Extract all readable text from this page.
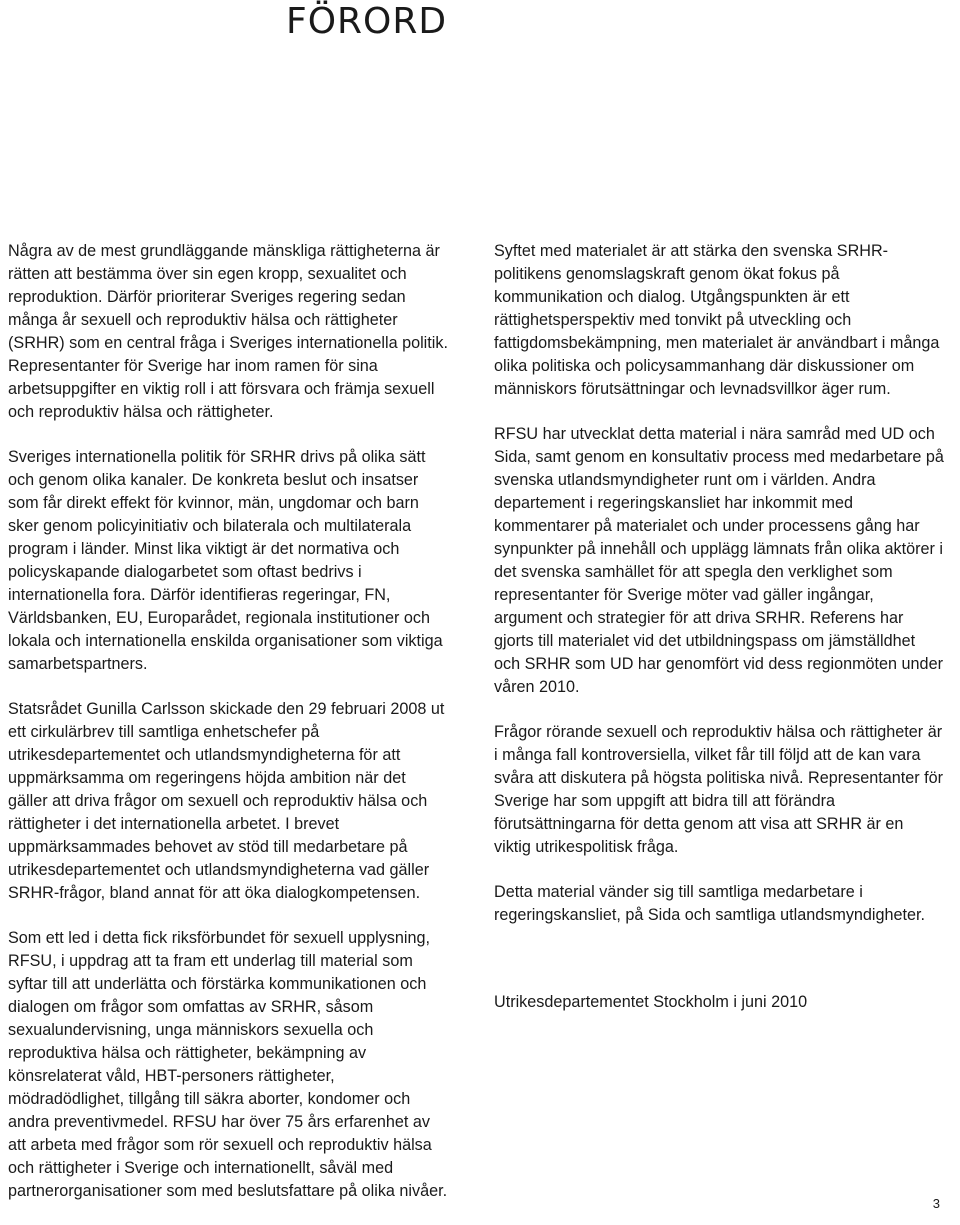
FÖRORD

Några av de mest grundläggande mänskliga rättigheterna är rätten att bestämma över sin egen kropp, sexualitet och reproduktion. Därför prioriterar Sveriges regering sedan många år sexuell och reproduktiv hälsa och rättigheter (SRHR) som en central fråga i Sveriges internationella politik. Representanter för Sverige har inom ramen för sina arbetsuppgifter en viktig roll i att försvara och främja sexuell och reproduktiv hälsa och rättigheter.

Sveriges internationella politik för SRHR drivs på olika sätt och genom olika kanaler. De konkreta beslut och insatser som får direkt effekt för kvinnor, män, ungdomar och barn sker genom policyinitiativ och bilaterala och multilaterala program i länder. Minst lika viktigt är det normativa och policyskapande dialogarbetet som oftast bedrivs i internationella fora. Därför identifieras regeringar, FN, Världsbanken, EU, Europarådet, regionala institutioner och lokala och internationella enskilda organisationer som viktiga samarbetspartners.

Statsrådet Gunilla Carlsson skickade den 29 februari 2008 ut ett cirkulärbrev till samtliga enhetschefer på utrikesdepartementet och utlandsmyndigheterna för att uppmärksamma om regeringens höjda ambition när det gäller att driva frågor om sexuell och reproduktiv hälsa och rättigheter i det internationella arbetet. I brevet uppmärksammades behovet av stöd till medarbetare på utrikesdepartementet och utlandsmyndigheterna vad gäller SRHR-frågor, bland annat för att öka dialogkompetensen.

Som ett led i detta fick riksförbundet för sexuell upplysning, RFSU, i uppdrag att ta fram ett underlag till material som syftar till att underlätta och förstärka kommunikationen och dialogen om frågor som omfattas av SRHR, såsom sexualundervisning, unga människors sexuella och reproduktiva hälsa och rättigheter, bekämpning av könsrelaterat våld, HBT-personers rättigheter, mödradödlighet, tillgång till säkra aborter, kondomer och andra preventivmedel. RFSU har över 75 års erfarenhet av att arbeta med frågor som rör sexuell och reproduktiv hälsa och rättigheter i Sverige och internationellt, såväl med partnerorganisationer som med beslutsfattare på olika nivåer.

Syftet med materialet är att stärka den svenska SRHR-politikens genomslagskraft genom ökat fokus på kommunikation och dialog. Utgångspunkten är ett rättighetsperspektiv med tonvikt på utveckling och fattigdomsbekämpning, men materialet är användbart i många olika politiska och policysammanhang där diskussioner om människors förutsättningar och levnadsvillkor äger rum.

RFSU har utvecklat detta material i nära samråd med UD och Sida, samt genom en konsultativ process med medarbetare på svenska utlandsmyndigheter runt om i världen. Andra departement i regeringskansliet har inkommit med kommentarer på materialet och under processens gång har synpunkter på innehåll och upplägg lämnats från olika aktörer i det svenska samhället för att spegla den verklighet som representanter för Sverige möter vad gäller ingångar, argument och strategier för att driva SRHR. Referens har gjorts till materialet vid det utbildningspass om jämställdhet och SRHR som UD har genomfört vid dess regionmöten under våren 2010.

Frågor rörande sexuell och reproduktiv hälsa och rättigheter är i många fall kontroversiella, vilket får till följd att de kan vara svåra att diskutera på högsta politiska nivå. Representanter för Sverige har som uppgift att bidra till att förändra förutsättningarna för detta genom att visa att SRHR är en viktig utrikespolitisk fråga.

Detta material vänder sig till samtliga medarbetare i regeringskansliet, på Sida och samtliga utlandsmyndigheter.

Utrikesdepartementet Stockholm i juni 2010

3
